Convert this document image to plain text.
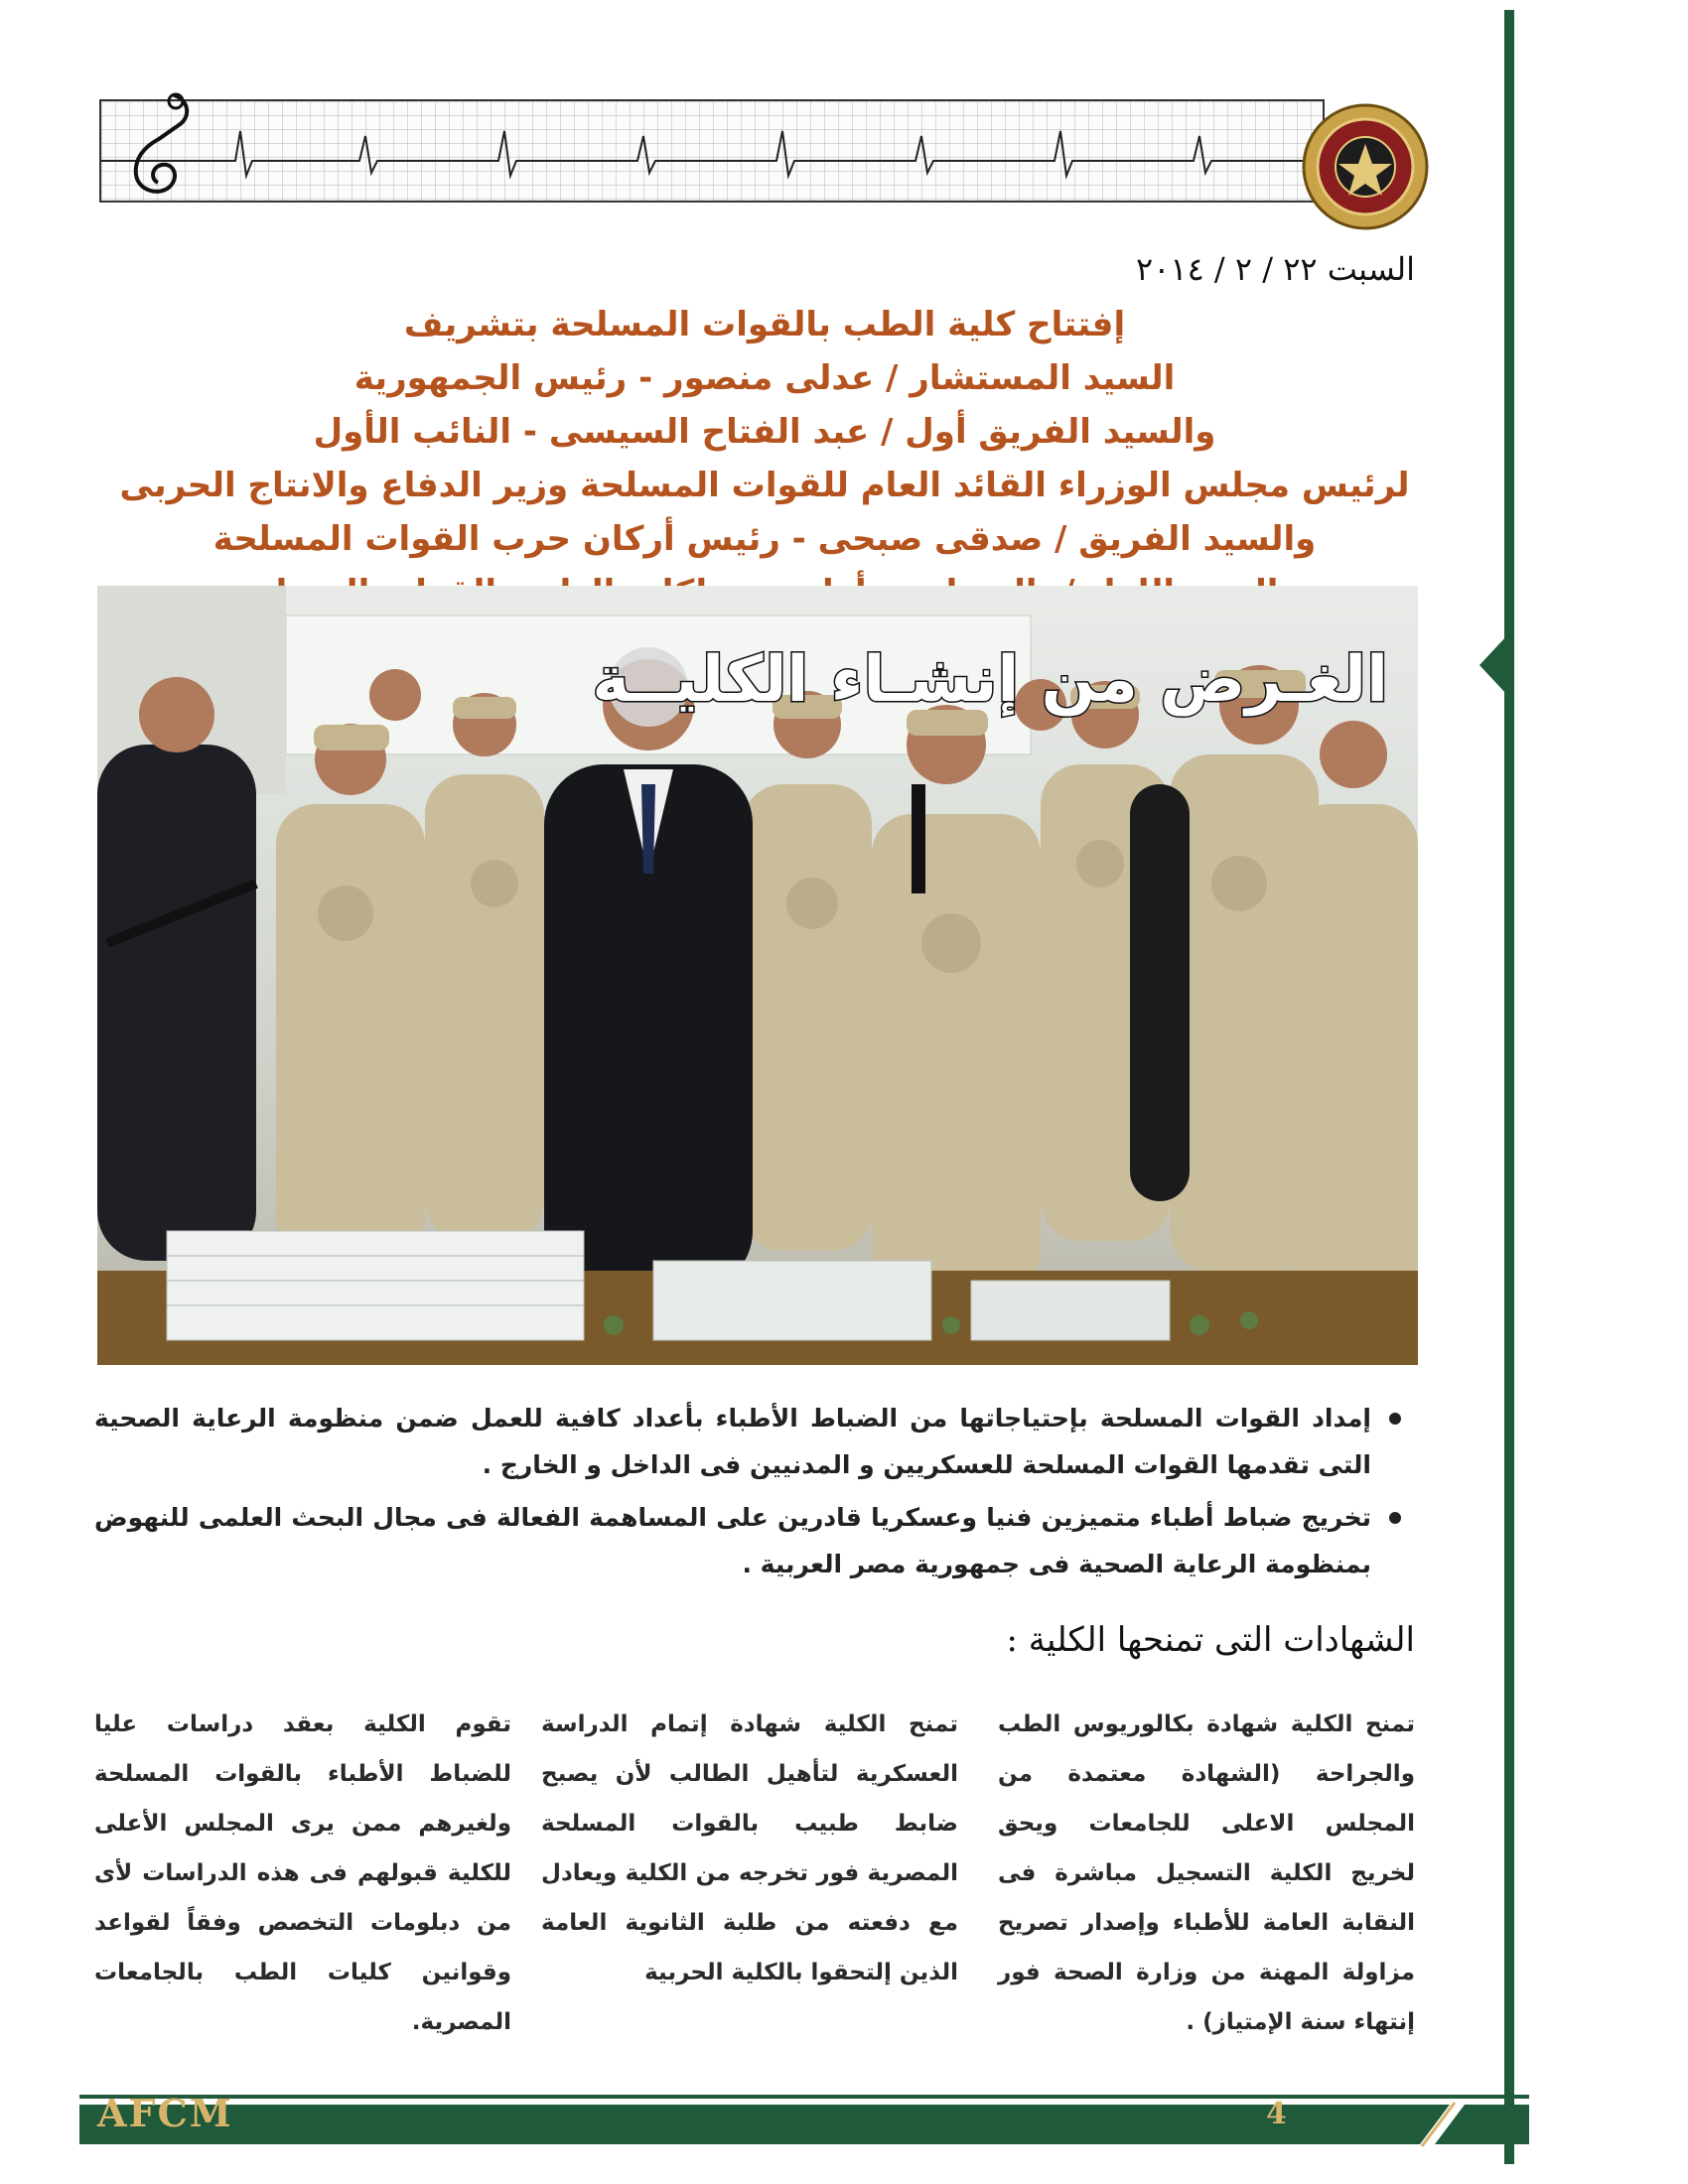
السبت ٢٢ / ٢ / ٢٠١٤
إفتتاح كلية الطب بالقوات المسلحة بتشريف
السيد المستشار / عدلى منصور - رئيس الجمهورية
والسيد الفريق أول / عبد الفتاح السيسى - النائب الأول
لرئيس مجلس الوزراء القائد العام للقوات المسلحة وزير الدفاع والانتاج الحربى
والسيد الفريق / صدقى صبحى - رئيس أركان حرب القوات المسلحة
الغـرض من إنشـاء الكليــة
إمداد القوات المسلحة بإحتياجاتها من الضباط الأطباء بأعداد كافية للعمل ضمن منظومة الرعاية الصحية التى تقدمها القوات المسلحة للعسكريين و المدنيين فى الداخل و الخارج .
تخريج ضباط أطباء متميزين فنيا وعسكريا قادرين على المساهمة الفعالة فى مجال البحث العلمى للنهوض بمنظومة الرعاية الصحية فى جمهورية مصر العربية .
الشهادات التى تمنحها الكلية :
تمنح الكلية شهادة بكالوريوس الطب والجراحة (الشهادة معتمدة من المجلس الاعلى للجامعات ويحق لخريج الكلية التسجيل مباشرة فى النقابة العامة للأطباء وإصدار تصريح مزاولة المهنة من وزارة الصحة فور إنتهاء سنة الإمتياز) .
تمنح الكلية شهادة إتمام الدراسة العسكرية لتأهيل الطالب لأن يصبح ضابط طبيب بالقوات المسلحة المصرية فور تخرجه من الكلية ويعادل مع دفعته من طلبة الثانوية العامة الذين إلتحقوا بالكلية الحربية
تقوم الكلية بعقد دراسات عليا للضباط الأطباء بالقوات المسلحة ولغيرهم ممن يرى المجلس الأعلى للكلية قبولهم فى هذه الدراسات لأى من دبلومات التخصص وفقاً لقواعد وقوانين كليات الطب بالجامعات المصرية.
AFCM	4
